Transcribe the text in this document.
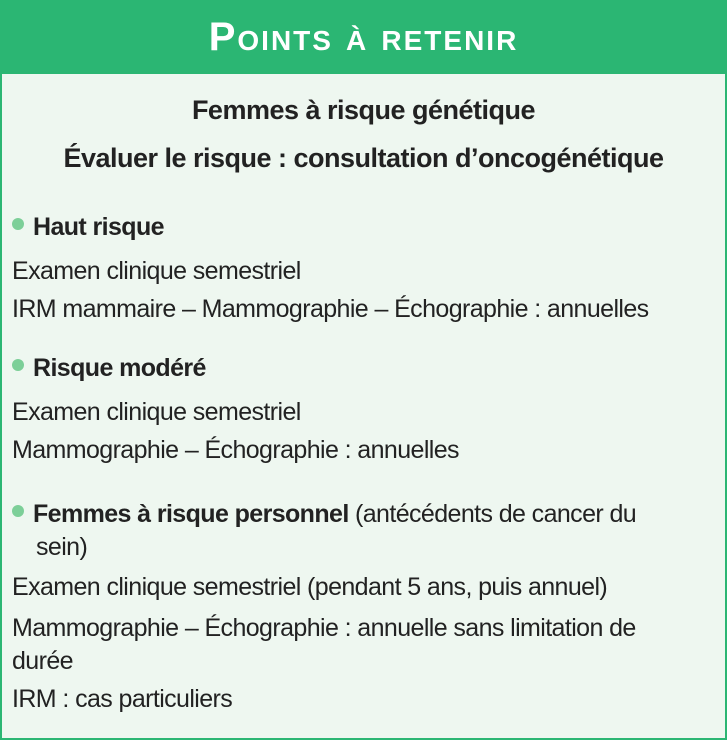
Points à retenir
Femmes à risque génétique
Évaluer le risque : consultation d’oncogénétique
Haut risque
Examen clinique semestriel
IRM mammaire – Mammographie – Échographie : annuelles
Risque modéré
Examen clinique semestriel
Mammographie – Échographie : annuelles
Femmes à risque personnel (antécédents de cancer du
sein)
Examen clinique semestriel (pendant 5 ans, puis annuel)
Mammographie – Échographie : annuelle sans limitation de
durée
IRM : cas particuliers
